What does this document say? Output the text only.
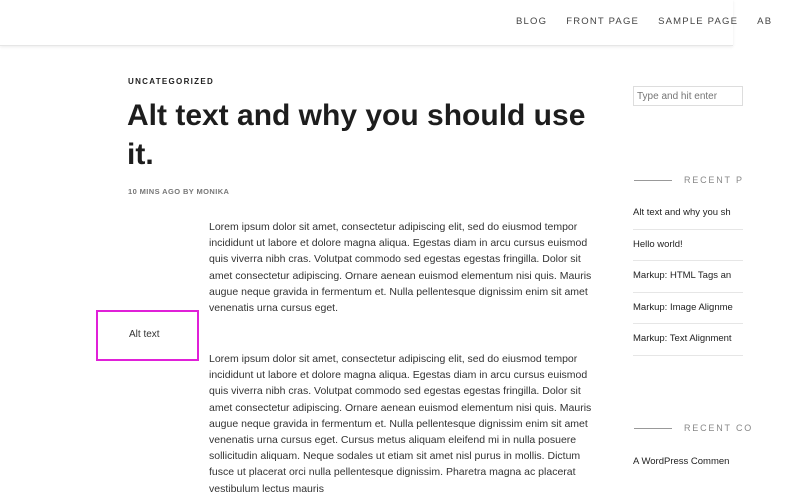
BLOG FRONT PAGE SAMPLE PAGE AB
UNCATEGORIZED
Alt text and why you should use it.
10 MINS AGO BY MONIKA

Lorem ipsum dolor sit amet, consectetur adipiscing elit, sed do eiusmod tempor incididunt ut labore et dolore magna aliqua. Egestas diam in arcu cursus euismod quis viverra nibh cras. Volutpat commodo sed egestas egestas fringilla. Dolor sit amet consectetur adipiscing. Ornare aenean euismod elementum nisi quis. Mauris augue neque gravida in fermentum et. Nulla pellentesque dignissim enim sit amet venenatis urna cursus eget.

Alt text

Lorem ipsum dolor sit amet, consectetur adipiscing elit, sed do eiusmod tempor incididunt ut labore et dolore magna aliqua. Egestas diam in arcu cursus euismod quis viverra nibh cras. Volutpat commodo sed egestas egestas fringilla. Dolor sit amet consectetur adipiscing. Ornare aenean euismod elementum nisi quis. Mauris augue neque gravida in fermentum et. Nulla pellentesque dignissim enim sit amet venenatis urna cursus eget. Cursus metus aliquam eleifend mi in nulla posuere sollicitudin aliquam. Neque sodales ut etiam sit amet nisl purus in mollis. Dictum fusce ut placerat orci nulla pellentesque dignissim. Pharetra magna ac placerat vestibulum lectus mauris

Type and hit enter
RECENT P
Alt text and why you sh
Hello world!
Markup: HTML Tags an
Markup: Image Alignme
Markup: Text Alignment
RECENT CO
A WordPress Commen
